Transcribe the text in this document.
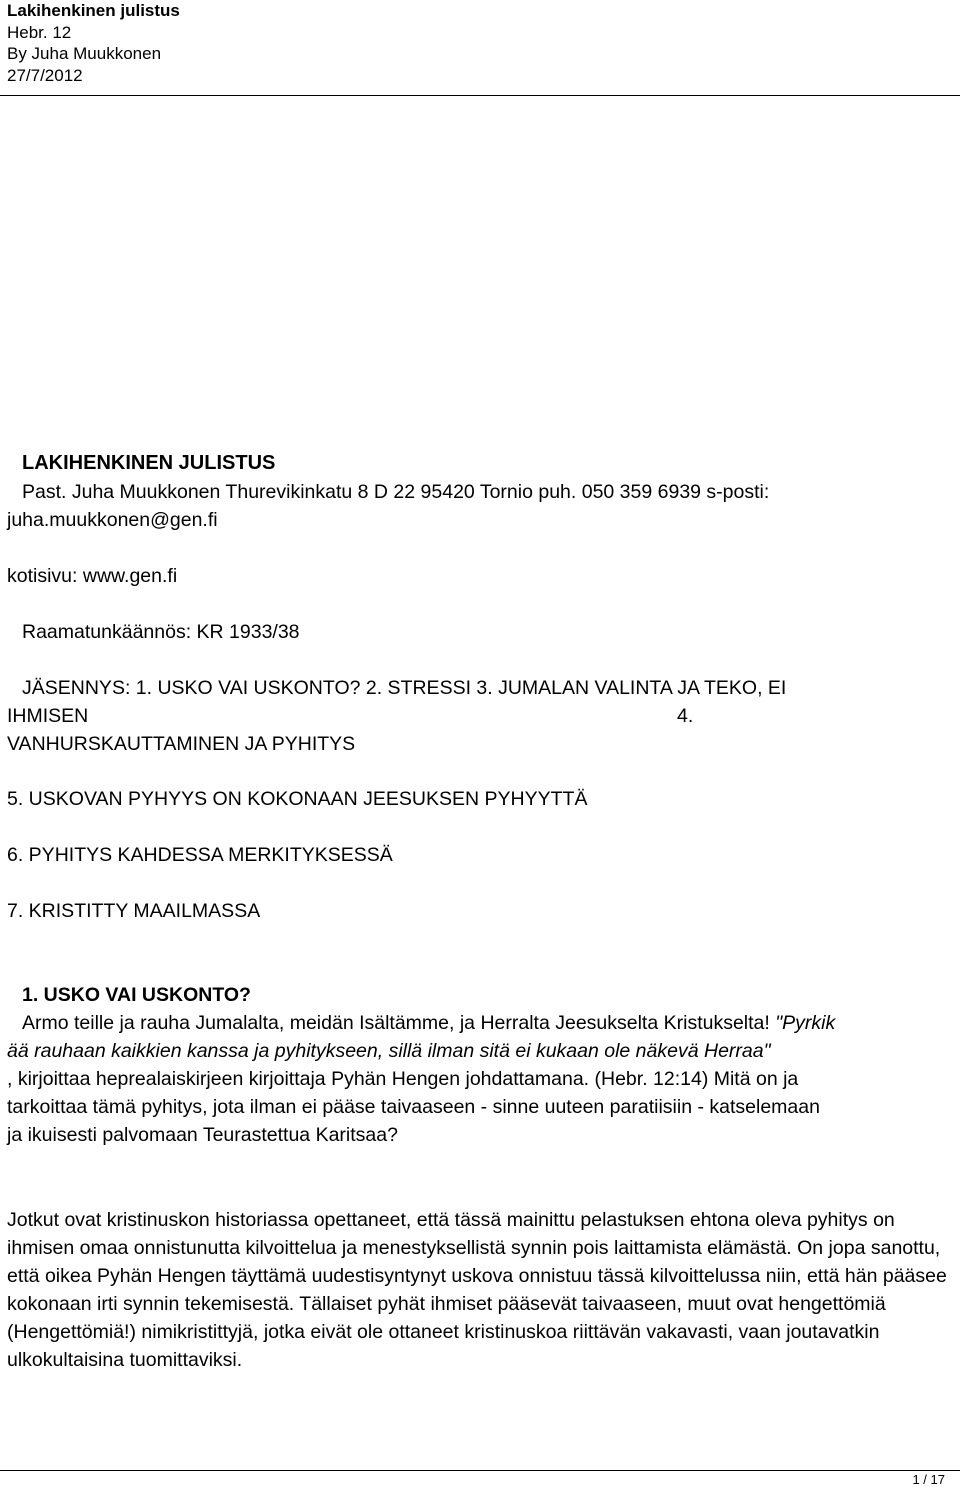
Lakihenkinen julistus
Hebr. 12
By Juha Muukkonen
27/7/2012
LAKIHENKINEN JULISTUS
Past. Juha Muukkonen Thurevikinkatu 8 D 22 95420 Tornio puh. 050 359 6939 s-posti:
juha.muukkonen@gen.fi
kotisivu: www.gen.fi
Raamatunkäännös: KR 1933/38
JÄSENNYS: 1. USKO VAI USKONTO? 2. STRESSI 3. JUMALAN VALINTA JA TEKO, EI
IHMISEN	4.
VANHURSKAUTTAMINEN JA PYHITYS
5. USKOVAN PYHYYS ON KOKONAAN JEESUKSEN PYHYYTTÄ
6. PYHITYS KAHDESSA MERKITYKSESSÄ
7. KRISTITTY MAAILMASSA
1. USKO VAI USKONTO?
Armo teille ja rauha Jumalalta, meidän Isältämme, ja Herralta Jeesukselta Kristukselta! "Pyrkik
ää rauhaan kaikkien kanssa ja pyhitykseen, sillä ilman sitä ei kukaan ole näkevä Herraa"
, kirjoittaa heprealaiskirjeen kirjoittaja Pyhän Hengen johdattamana. (Hebr. 12:14) Mitä on ja
tarkoittaa tämä pyhitys, jota ilman ei pääse taivaaseen - sinne uuteen paratiisiin - katselemaan
ja ikuisesti palvomaan Teurastettua Karitsaa?

Jotkut ovat kristinuskon historiassa opettaneet, että tässä mainittu pelastuksen ehtona oleva pyhitys on ihmisen omaa onnistunutta kilvoittelua ja menestyksellistä synnin pois laittamista elämästä. On jopa sanottu, että oikea Pyhän Hengen täyttämä uudestisyntynyt uskova onnistuu tässä kilvoittelussa niin, että hän pääsee kokonaan irti synnin tekemisestä. Tällaiset pyhät ihmiset pääsevät taivaaseen, muut ovat hengettömiä (Hengettömiä!) nimikristittyjä, jotka eivät ole ottaneet kristinuskoa riittävän vakavasti, vaan joutavatkin ulkokultaisina tuomittaviksi.

1 / 17
